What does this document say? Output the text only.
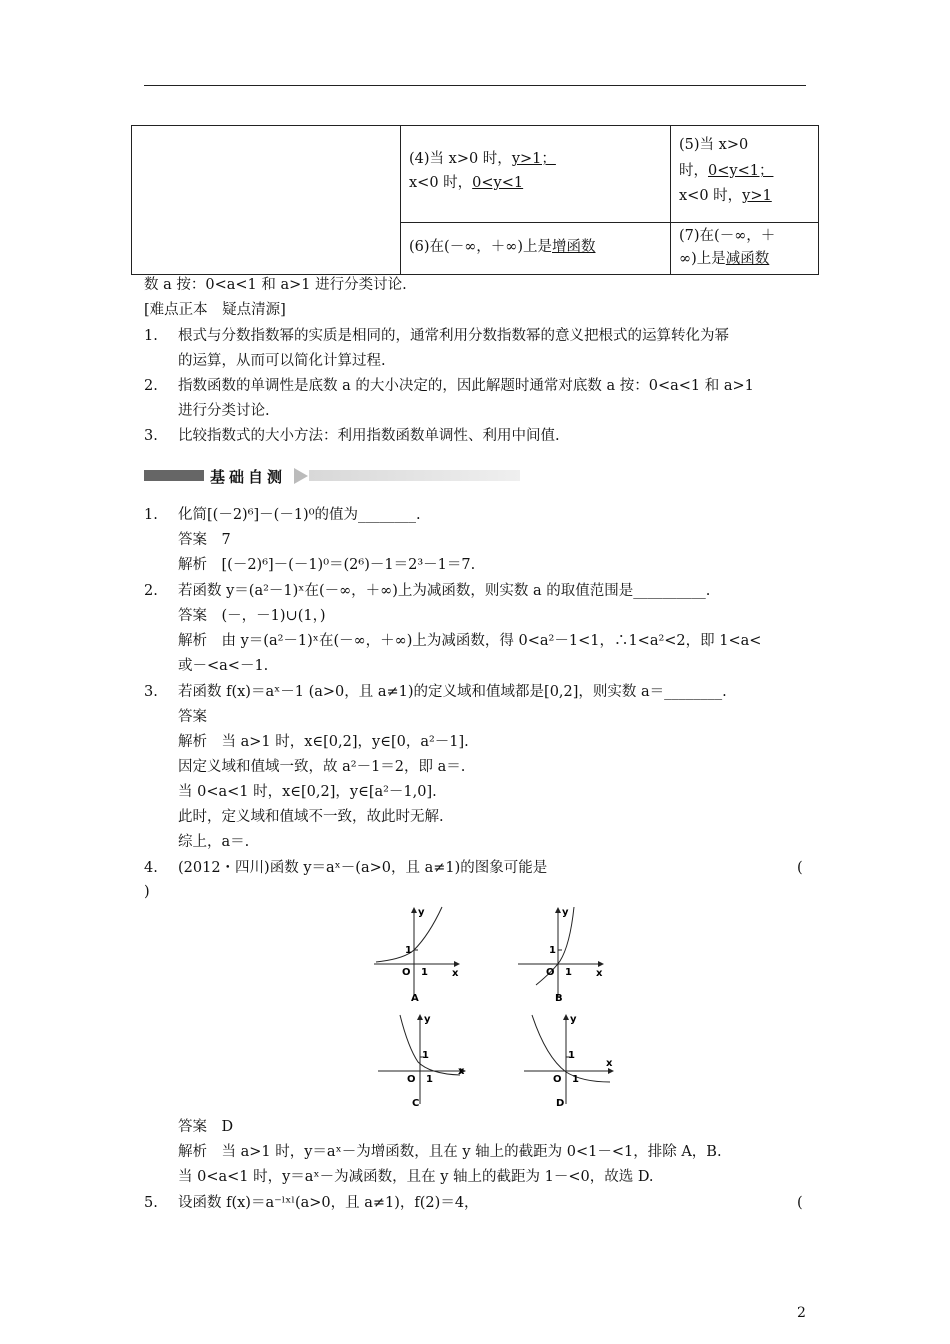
(4)当 x>0 时，y>1；
x<0 时，0<y<1
(5)当 x>0
时，0<y<1；
x<0 时，y>1
(6)在(－∞，＋∞)上是增函数
(7)在(－∞，＋
∞)上是减函数
数 a 按：0<a<1 和 a>1 进行分类讨论.
[难点正本　疑点清源]
1. 根式与分数指数幂的实质是相同的，通常利用分数指数幂的意义把根式的运算转化为幂
的运算，从而可以简化计算过程.
2. 指数函数的单调性是底数 a 的大小决定的，因此解题时通常对底数 a 按：0<a<1 和 a>1
进行分类讨论.
3. 比较指数式的大小方法：利用指数函数单调性、利用中间值.
基础自测
1. 化简[(－2)⁶]－(－1)⁰的值为________.
答案　7
解析　[(－2)⁶]－(－1)⁰＝(2⁶)－1＝2³－1＝7.
2. 若函数 y＝(a²－1)ˣ在(－∞，＋∞)上为减函数，则实数 a 的取值范围是__________.
答案　(－，－1)∪(1，)
解析　由 y＝(a²－1)ˣ在(－∞，＋∞)上为减函数，得 0<a²－1<1，∴1<a²<2，即 1<a<
或－<a<－1.
3. 若函数 f(x)＝aˣ－1 (a>0，且 a≠1)的定义域和值域都是[0,2]，则实数 a＝________.
答案
解析　当 a>1 时，x∈[0,2]，y∈[0，a²－1].
因定义域和值域一致，故 a²－1＝2，即 a＝.
当 0<a<1 时，x∈[0,2]，y∈[a²－1,0].
此时，定义域和值域不一致，故此时无解.
综上，a＝.
4. (2012・四川)函数 y＝aˣ－(a>0，且 a≠1)的图象可能是	(
)
y
x
O
1
1
A
y
x
O
1
1
B
y
x
O
1
1
C
y
x
O
1
1
D
答案　D
解析　当 a>1 时，y＝aˣ－为增函数，且在 y 轴上的截距为 0<1－<1，排除 A，B.
当 0<a<1 时，y＝aˣ－为减函数，且在 y 轴上的截距为 1－<0，故选 D.
5. 设函数 f(x)＝a⁻ˡˣˡ(a>0，且 a≠1)，f(2)＝4，	(
2
